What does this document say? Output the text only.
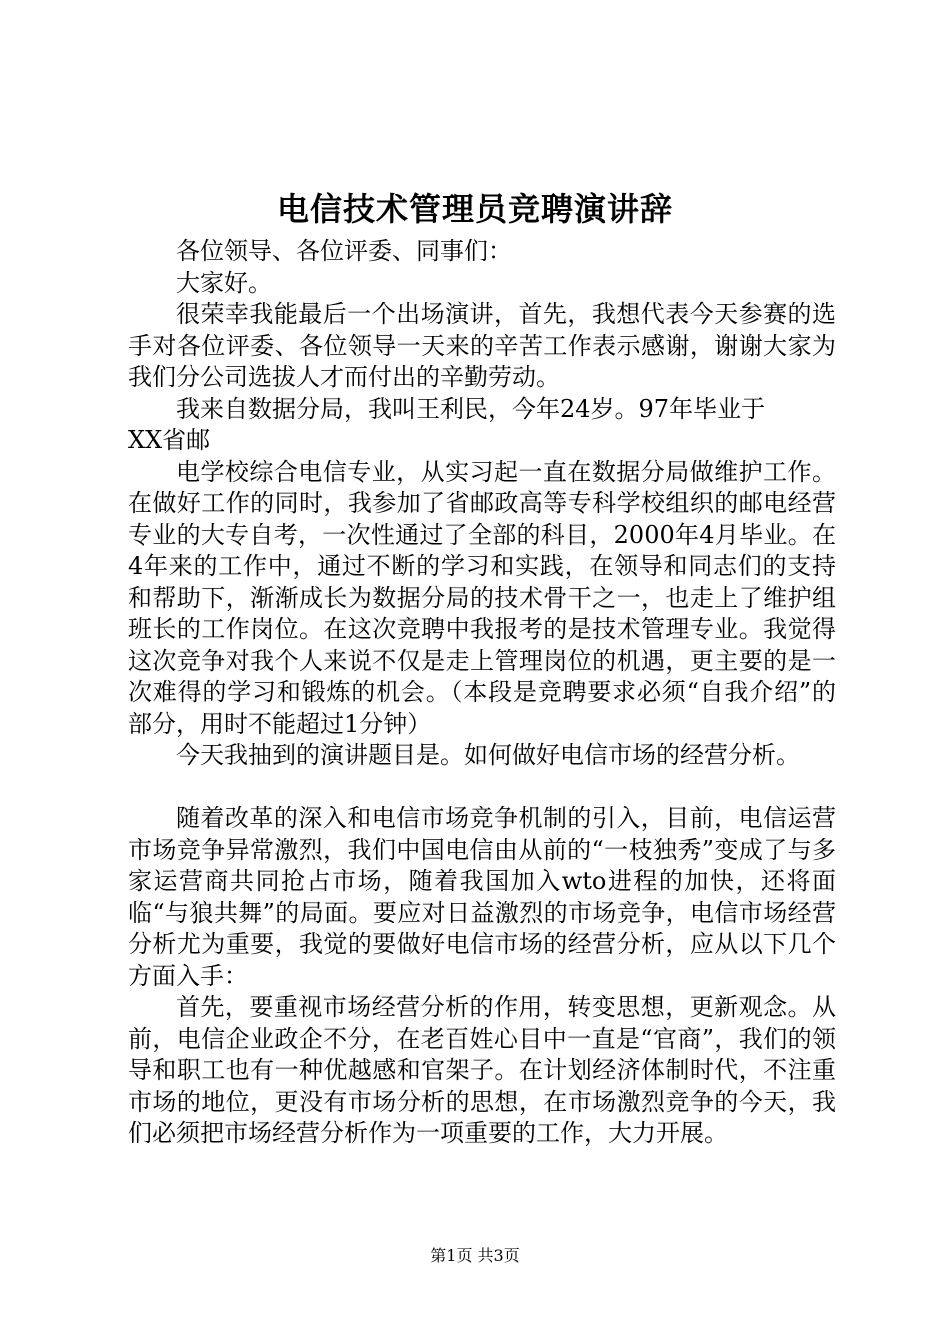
电信技术管理员竞聘演讲辞

各位领导、各位评委、同事们：

大家好。

很荣幸我能最后一个出场演讲，首先，我想代表今天参赛的选手对各位评委、各位领导一天来的辛苦工作表示感谢，谢谢大家为我们分公司选拔人才而付出的辛勤劳动。

我来自数据分局，我叫王利民，今年24岁。97年毕业于

XX省邮

电学校综合电信专业，从实习起一直在数据分局做维护工作。在做好工作的同时，我参加了省邮政高等专科学校组织的邮电经营专业的大专自考，一次性通过了全部的科目，2000年4月毕业。在4年来的工作中，通过不断的学习和实践，在领导和同志们的支持和帮助下，渐渐成长为数据分局的技术骨干之一，也走上了维护组班长的工作岗位。在这次竞聘中我报考的是技术管理专业。我觉得这次竞争对我个人来说不仅是走上管理岗位的机遇，更主要的是一次难得的学习和锻炼的机会。（本段是竞聘要求必须“自我介绍”的部分，用时不能超过1分钟）

今天我抽到的演讲题目是。如何做好电信市场的经营分析。

随着改革的深入和电信市场竞争机制的引入，目前，电信运营市场竞争异常激烈，我们中国电信由从前的“一枝独秀”变成了与多家运营商共同抢占市场，随着我国加入wto进程的加快，还将面临“与狼共舞”的局面。要应对日益激烈的市场竞争，电信市场经营分析尤为重要，我觉的要做好电信市场的经营分析，应从以下几个方面入手：

首先，要重视市场经营分析的作用，转变思想，更新观念。从前，电信企业政企不分，在老百姓心目中一直是“官商”，我们的领导和职工也有一种优越感和官架子。在计划经济体制时代，不注重市场的地位，更没有市场分析的思想，在市场激烈竞争的今天，我们必须把市场经营分析作为一项重要的工作，大力开展。

第1页 共3页
